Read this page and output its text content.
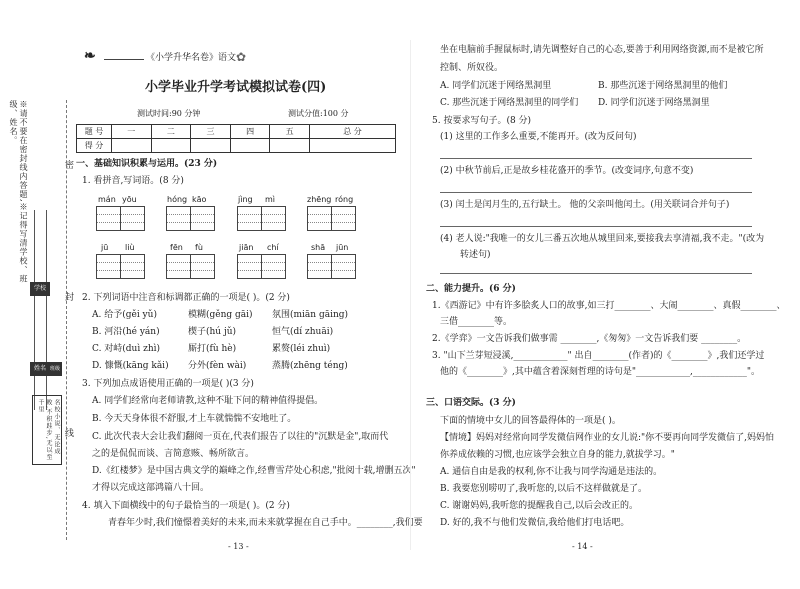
※请不要在密封线内答题,※记得写清学校、班级、姓名。
密
封
线
学校
姓名 班级
名校小说、无论成败,不积跬步,无以至千里
❧	《小学升华名卷》语文 ✿
小学毕业升学考试模拟试卷(四)
测试时间:90 分钟	测试分值:100 分
题 号	一	二	三	四	五	总 分
得 分						
一、基础知识积累与运用。(23 分)
1. 看拼音,写词语。(8 分)
mán yōu	hóng kāo	jìng mì	zhēng róng
jū liù	fēn fù	jiān chí	shā jūn
2. 下列词语中注音和标调都正确的一项是( )。(2 分)
A. 给予(gěi yǔ)	模糊(gěng gāi) 氛围(miān gāing)
B. 河沿(hé yán)	楔子(hú jǔ)	恒气(dí zhuāi)
C. 对峙(duì zhì)	厮打(fù hè)	累赘(léi zhuì)
D. 慷慨(kāng kǎi) 分外(fèn wài)	蒸腾(zhēng téng)
3. 下列加点成语使用正确的一项是( )(3 分)
A. 同学们经常向老师请教,这种不耻下问的精神值得提倡。
B. 今天天身体很不舒服,才上车就惴惴不安地吐了。
C. 此次代表大会让我们翻阅一页在,代表们报告了以往的"沉默是金",取而代
之的是侃侃而谈、言简意赅、畅所欲言。
D.《红楼梦》是中国古典文学的巅峰之作,经曹雪芹处心积虑,"批阅十载,增删五次"
才得以完成这部鸿篇八十回。
4. 填入下面横线中的句子最恰当的一项是( )。(2 分)
青春年少时,我们憧憬着美好的未来,而未来就掌握在自己手中。________,我们要
- 13 -
坐在电脑前手握鼠标时,请先调整好自己的心态,要善于利用网络资源,而不是被它所
控制、所奴役。
A. 同学们沉迷于网络黑洞里	B. 那些沉迷于网络黑洞里的他们
C. 那些沉迷于网络黑洞里的同学们 D. 同学们沉迷于网络黑洞里
5. 按要求写句子。(8 分)
(1) 这里的工作多么重要,不能再开。(改为反问句)
(2) 中秋节前后,正是故乡桂花盛开的季节。(改变词序,句意不变)
(3) 闰土是闰月生的,五行缺土。 他的父亲叫他闰土。(用关联词合并句子)
(4) 老人说:"我唯一的女儿三番五次地从城里回来,要接我去享清福,我不走。"(改为
转述句)
二、能力提升。(6 分)
1.《西游记》中有许多脍炙人口的故事,如三打________、大闹________、真假________、
三借________等。
2.《学弈》一文告诉我们做事需 ________,《匆匆》一文告诉我们要 ________。
3. "山下兰芽短浸溪,____________" 出自________(作者)的《________》,我们还学过
他的《________》,其中蕴含着深刻哲理的诗句是"____________,____________"。
三、口语交际。(3 分)
下面的情境中女儿的回答最得体的一项是( )。
【情境】妈妈对经常向同学发微信网作业的女儿说:"你不要再向同学发微信了,妈妈怕
你养成依赖的习惯,也应该学会独立自身的能力,就拔学习。"
A. 通信自由是我的权利,你不让我与同学沟通是违法的。
B. 我要您别唠叨了,我听您的,以后不这样做就是了。
C. 谢谢妈妈,我听您的提醒我自己,以后会改正的。
D. 好的,我不与他们发微信,我给他们打电话吧。
- 14 -
